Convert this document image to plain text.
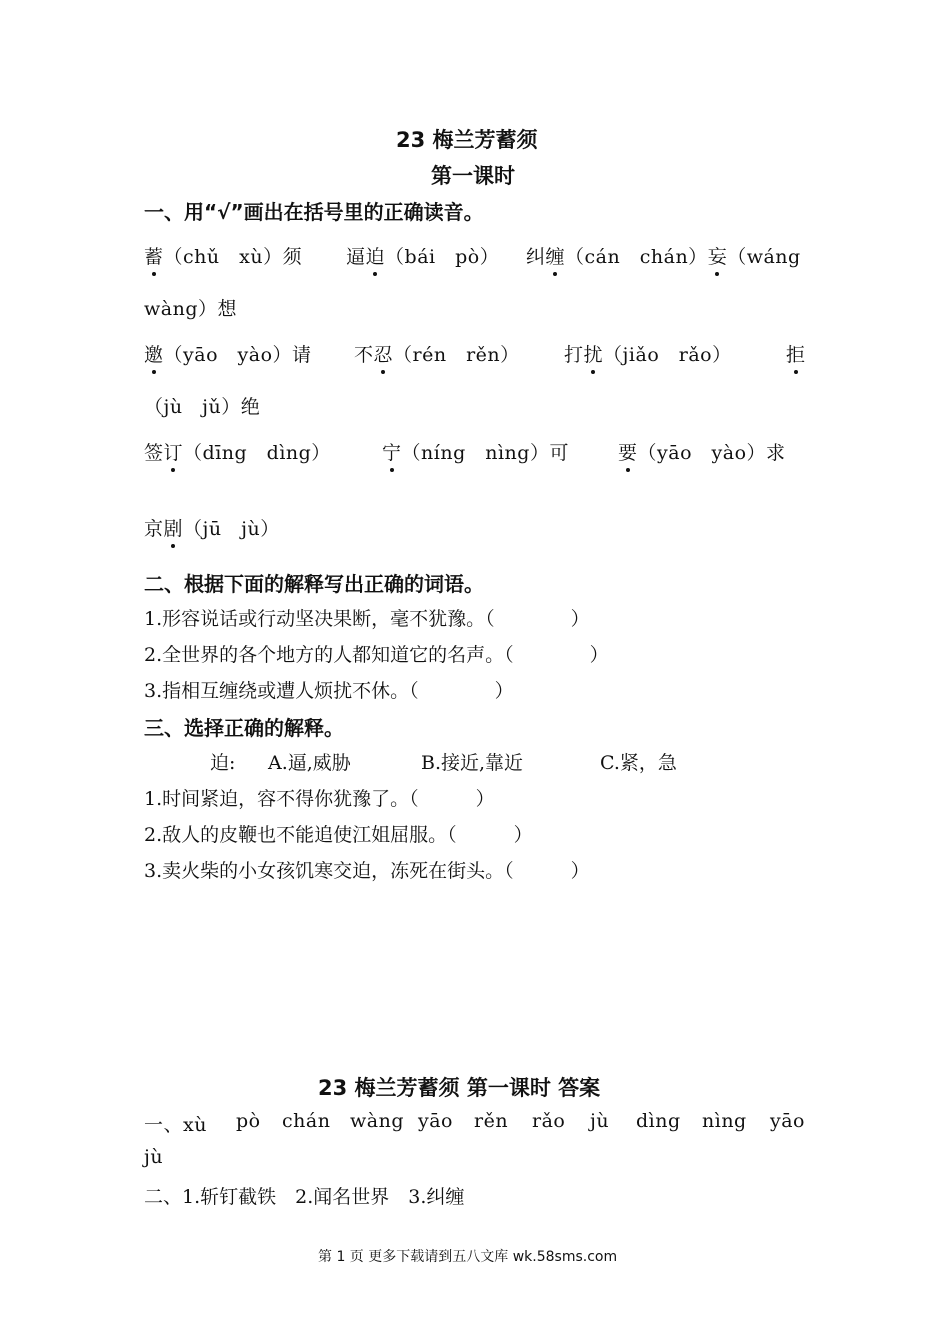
23 梅兰芳蓄须
第一课时
一、用“√”画出在括号里的正确读音。
蓄（chǔ　xù）须 逼迫（bái　pò） 纠缠（cán　chán）妄（wáng
wàng）想
邀（yāo　yào）请 不忍（rén　rěn） 打扰（jiǎo　rǎo）	拒
（jù　jǔ）绝
签订（dīng　dìng）	宁（níng　nìng）可	要（yāo　yào）求
京剧（jū　jù）
二、根据下面的解释写出正确的词语。
1.形容说话或行动坚决果断，毫不犹豫。（　　　　）
2.全世界的各个地方的人都知道它的名声。（　　　　）
3.指相互缠绕或遭人烦扰不休。（　　　　）
三、选择正确的解释。
迫: A.逼,威胁	B.接近,靠近	C.紧，急
1.时间紧迫，容不得你犹豫了。（　　　）
2.敌人的皮鞭也不能追使江姐屈服。（　　　）
3.卖火柴的小女孩饥寒交迫，冻死在街头。（　　　）
23 梅兰芳蓄须 第一课时 答案
一、xù pò chán wàng yāo rěn rǎo jù dìng nìng yāo
jù
二、1.斩钉截铁　2.闻名世界　3.纠缠
第 1 页 更多下载请到五八文库 wk.58sms.com
